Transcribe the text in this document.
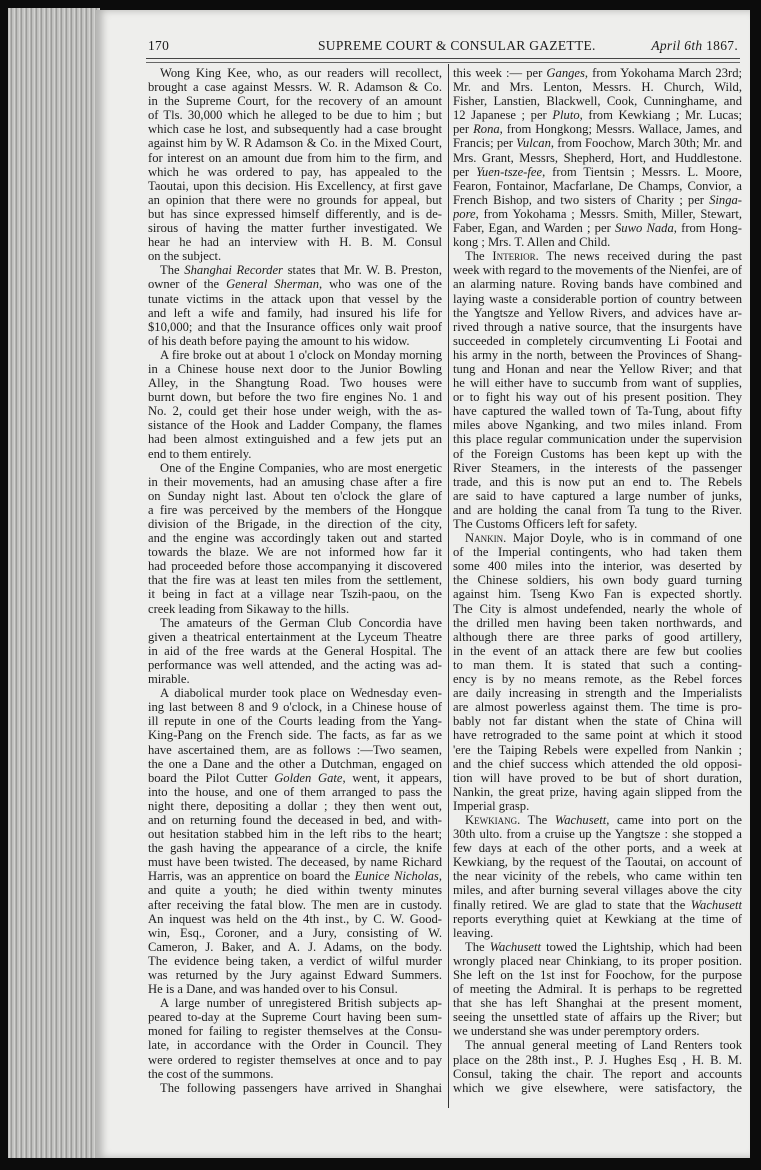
170	SUPREME COURT & CONSULAR GAZETTE.	April 6th 1867.
Wong King Kee, who, as our readers will recollect,
brought a case against Messrs. W. R. Adamson & Co.
in the Supreme Court, for the recovery of an amount
of Tls. 30,000 which he alleged to be due to him ; but
which case he lost, and subsequently had a case brought
against him by W. R Adamson & Co. in the Mixed Court,
for interest on an amount due from him to the firm, and
which he was ordered to pay, has appealed to the
Taoutai, upon this decision. His Excellency, at first gave
an opinion that there were no grounds for appeal, but
but has since expressed himself differently, and is de-
sirous of having the matter further investigated. We
hear he had an interview with H. B. M. Consul
on the subject.
The Shanghai Recorder states that Mr. W. B. Preston,
owner of the General Sherman, who was one of the
tunate victims in the attack upon that vessel by the
and left a wife and family, had insured his life for
$10,000; and that the Insurance offices only wait proof
of his death before paying the amount to his widow.
A fire broke out at about 1 o'clock on Monday morning
in a Chinese house next door to the Junior Bowling
Alley, in the Shangtung Road. Two houses were
burnt down, but before the two fire engines No. 1 and
No. 2, could get their hose under weigh, with the as-
sistance of the Hook and Ladder Company, the flames
had been almost extinguished and a few jets put an
end to them entirely.
One of the Engine Companies, who are most energetic
in their movements, had an amusing chase after a fire
on Sunday night last. About ten o'clock the glare of
a fire was perceived by the members of the Hongque
division of the Brigade, in the direction of the city,
and the engine was accordingly taken out and started
towards the blaze. We are not informed how far it
had proceeded before those accompanying it discovered
that the fire was at least ten miles from the settlement,
it being in fact at a village near Tszih-paou, on the
creek leading from Sikaway to the hills.
The amateurs of the German Club Concordia have
given a theatrical entertainment at the Lyceum Theatre
in aid of the free wards at the General Hospital. The
performance was well attended, and the acting was ad-
mirable.
A diabolical murder took place on Wednesday even-
ing last between 8 and 9 o'clock, in a Chinese house of
ill repute in one of the Courts leading from the Yang-
King-Pang on the French side. The facts, as far as we
have ascertained them, are as follows :—Two seamen,
the one a Dane and the other a Dutchman, engaged on
board the Pilot Cutter Golden Gate, went, it appears,
into the house, and one of them arranged to pass the
night there, depositing a dollar ; they then went out,
and on returning found the deceased in bed, and with-
out hesitation stabbed him in the left ribs to the heart;
the gash having the appearance of a circle, the knife
must have been twisted. The deceased, by name Richard
Harris, was an apprentice on board the Eunice Nicholas,
and quite a youth; he died within twenty minutes
after receiving the fatal blow. The men are in custody.
An inquest was held on the 4th inst., by C. W. Good-
win, Esq., Coroner, and a Jury, consisting of W.
Cameron, J. Baker, and A. J. Adams, on the body.
The evidence being taken, a verdict of wilful murder
was returned by the Jury against Edward Summers.
He is a Dane, and was handed over to his Consul.
A large number of unregistered British subjects ap-
peared to-day at the Supreme Court having been sum-
moned for failing to register themselves at the Consu-
late, in accordance with the Order in Council. They
were ordered to register themselves at once and to pay
the cost of the summons.
The following passengers have arrived in Shanghai
this week :— per Ganges, from Yokohama March 23rd;
Mr. and Mrs. Lenton, Messrs. H. Church, Wild,
Fisher, Lanstien, Blackwell, Cook, Cunninghame, and
12 Japanese ; per Pluto, from Kewkiang ; Mr. Lucas;
per Rona, from Hongkong; Messrs. Wallace, James, and
Francis; per Vulcan, from Foochow, March 30th; Mr. and
Mrs. Grant, Messrs, Shepherd, Hort, and Huddlestone.
per Yuen-tsze-fee, from Tientsin ; Messrs. L. Moore,
Fearon, Fontainor, Macfarlane, De Champs, Convior, a
French Bishop, and two sisters of Charity ; per Singa-
pore, from Yokohama ; Messrs. Smith, Miller, Stewart,
Faber, Egan, and Warden ; per Suwo Nada, from Hong-
kong ; Mrs. T. Allen and Child.
The Interior. The news received during the past
week with regard to the movements of the Nienfei, are of
an alarming nature. Roving bands have combined and
laying waste a considerable portion of country between
the Yangtsze and Yellow Rivers, and advices have ar-
rived through a native source, that the insurgents have
succeeded in completely circumventing Li Footai and
his army in the north, between the Provinces of Shang-
tung and Honan and near the Yellow River; and that
he will either have to succumb from want of supplies,
or to fight his way out of his present position. They
have captured the walled town of Ta-Tung, about fifty
miles above Nganking, and two miles inland. From
this place regular communication under the supervision
of the Foreign Customs has been kept up with the
River Steamers, in the interests of the passenger
trade, and this is now put an end to. The Rebels
are said to have captured a large number of junks,
and are holding the canal from Ta tung to the River.
The Customs Officers left for safety.
Nankin. Major Doyle, who is in command of one
of the Imperial contingents, who had taken them
some 400 miles into the interior, was deserted by
the Chinese soldiers, his own body guard turning
against him. Tseng Kwo Fan is expected shortly.
The City is almost undefended, nearly the whole of
the drilled men having been taken northwards, and
although there are three parks of good artillery,
in the event of an attack there are few but coolies
to man them. It is stated that such a conting-
ency is by no means remote, as the Rebel forces
are daily increasing in strength and the Imperialists
are almost powerless against them. The time is pro-
bably not far distant when the state of China will
have retrograded to the same point at which it stood
'ere the Taiping Rebels were expelled from Nankin ;
and the chief success which attended the old opposi-
tion will have proved to be but of short duration,
Nankin, the great prize, having again slipped from the
Imperial grasp.
Kewkiang. The Wachusett, came into port on the
30th ulto. from a cruise up the Yangtsze : she stopped a
few days at each of the other ports, and a week at
Kewkiang, by the request of the Taoutai, on account of
the near vicinity of the rebels, who came within ten
miles, and after burning several villages above the city
finally retired. We are glad to state that the Wachusett
reports everything quiet at Kewkiang at the time of
leaving.
The Wachusett towed the Lightship, which had been
wrongly placed near Chinkiang, to its proper position.
She left on the 1st inst for Foochow, for the purpose
of meeting the Admiral. It is perhaps to be regretted
that she has left Shanghai at the present moment,
seeing the unsettled state of affairs up the River; but
we understand she was under peremptory orders.
The annual general meeting of Land Renters took
place on the 28th inst., P. J. Hughes Esq , H. B. M.
Consul, taking the chair. The report and accounts
which we give elsewhere, were satisfactory, the
